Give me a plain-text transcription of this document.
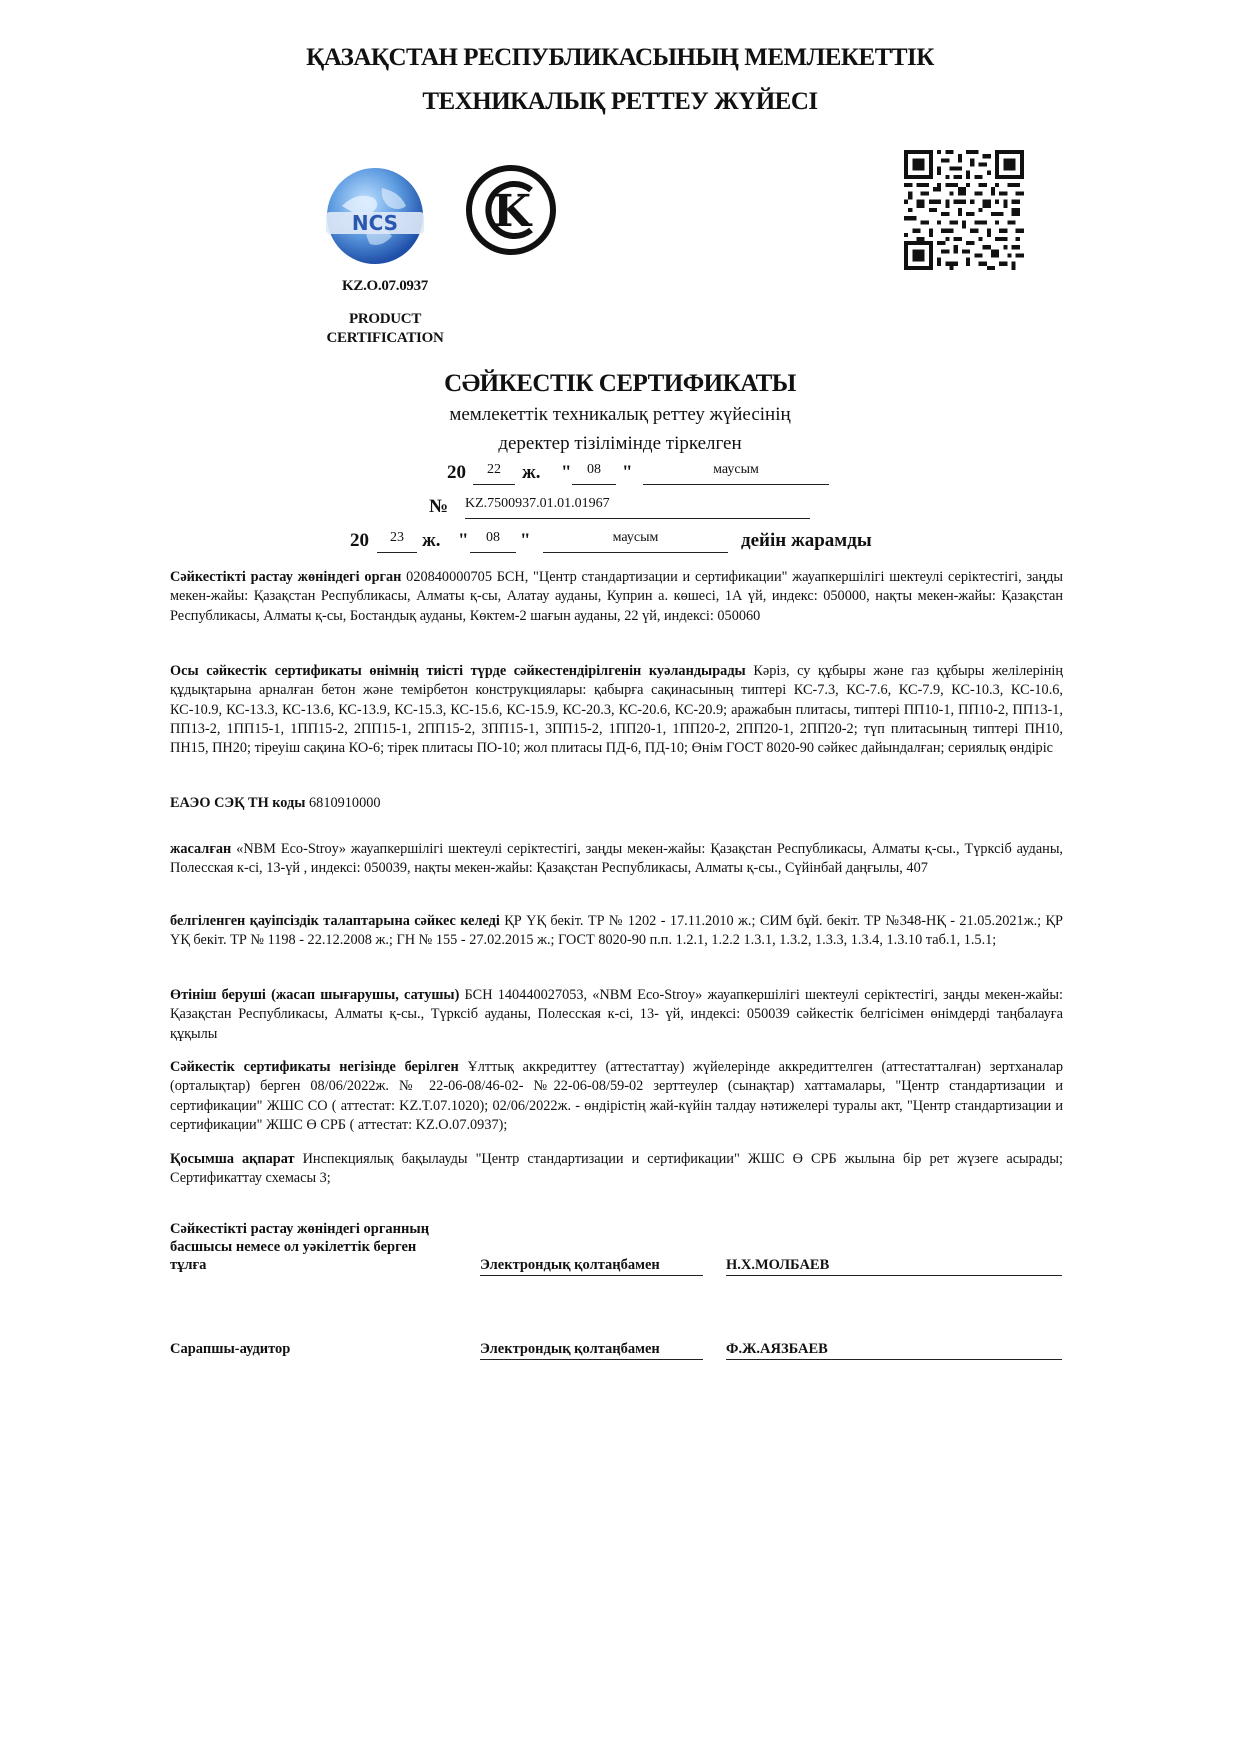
ҚАЗАҚСТАН РЕСПУБЛИКАСЫНЫҢ МЕМЛЕКЕТТІК
ТЕХНИКАЛЫҚ РЕТТЕУ ЖҮЙЕСІ
NCS K
KZ.O.07.0937
PRODUCT
CERTIFICATION
СӘЙКЕСТІК СЕРТИФИКАТЫ
мемлекеттік техникалық реттеу жүйесінің
деректер тізілімінде тіркелген
20	22	ж. "	08	"	маусым
№ KZ.7500937.01.01.01967
20	23 ж. "	08	"	маусым	дейін жарамды
Сәйкестікті растау жөніндегі орган 020840000705 БСН, "Центр стандартизации и сертификации" жауапкершілігі шектеулі серіктестігі, заңды мекен-жайы: Қазақстан Республикасы, Алматы қ-сы, Алатау ауданы, Куприн а. көшесі, 1А үй, индекс: 050000, нақты мекен-жайы: Қазақстан Республикасы, Алматы қ-сы, Бостандық ауданы, Көктем-2 шағын ауданы, 22 үй, индексі: 050060
Осы сәйкестік сертификаты өнімнің тиісті түрде сәйкестендірілгенін куәландырады Кәріз, су құбыры және газ құбыры желілерінің құдықтарына арналған бетон және темірбетон конструкциялары: қабырға сақинасының типтері КС-7.3, КС-7.6, КС-7.9, КС-10.3, КС-10.6, КС-10.9, КС-13.3, КС-13.6, КС-13.9, КС-15.3, КС-15.6, КС-15.9, КС-20.3, КС-20.6, КС-20.9; аражабын плитасы, типтері ПП10-1, ПП10-2, ПП13-1, ПП13-2, 1ПП15-1, 1ПП15-2, 2ПП15-1, 2ПП15-2, 3ПП15-1, 3ПП15-2, 1ПП20-1, 1ПП20-2, 2ПП20-1, 2ПП20-2; түп плитасының типтері ПН10, ПН15, ПН20; тіреуіш сақина КО-6; тірек плитасы ПО-10; жол плитасы ПД-6, ПД-10; Өнім ГОСТ 8020-90 сәйкес дайындалған; сериялық өндіріс
ЕАЭО СЭҚ ТН коды 6810910000
жасалған «NBM Eco-Stroy» жауапкершілігі шектеулі серіктестігі, заңды мекен-жайы: Қазақстан Республикасы, Алматы қ-сы., Түрксіб ауданы, Полесская к-сі, 13-үй , индексі: 050039, нақты мекен-жайы: Қазақстан Республикасы, Алматы қ-сы., Сүйінбай даңғылы, 407
белгіленген қауіпсіздік талаптарына сәйкес келеді ҚР ҮҚ бекіт. ТР № 1202 - 17.11.2010 ж.; СИМ бұй. бекіт. ТР №348-НҚ - 21.05.2021ж.; ҚР ҮҚ бекіт. ТР № 1198 - 22.12.2008 ж.; ГН № 155 - 27.02.2015 ж.; ГОСТ 8020-90 п.п. 1.2.1, 1.2.2 1.3.1, 1.3.2, 1.3.3, 1.3.4, 1.3.10 таб.1, 1.5.1;
Өтініш беруші (жасап шығарушы, сатушы) БСН 140440027053, «NBM Eco-Stroy» жауапкершілігі шектеулі серіктестігі, заңды мекен-жайы: Қазақстан Республикасы, Алматы қ-сы., Түрксіб ауданы, Полесская к-сі, 13- үй, индексі: 050039 сәйкестік белгісімен өнімдерді таңбалауға құқылы
Сәйкестік сертификаты негізінде берілген Ұлттық аккредиттеу (аттестаттау) жүйелерінде аккредиттелген (аттестатталған) зертханалар (орталықтар) берген 08/06/2022ж. № 22-06-08/46-02- №22-06-08/59-02 зерттеулер (сынақтар) хаттамалары, "Центр стандартизации и сертификации" ЖШС СО ( аттестат: KZ.T.07.1020); 02/06/2022ж. - өндірістің жай-күйін талдау нәтижелері туралы акт, "Центр стандартизации и сертификации" ЖШС Ө СРБ ( аттестат: KZ.O.07.0937);
Қосымша ақпарат Инспекциялық бақылауды "Центр стандартизации и сертификации" ЖШС Ө СРБ жылына бір рет жүзеге асырады; Сертификаттау схемасы 3;
Сәйкестікті растау жөніндегі органның
басшысы немесе ол уәкілеттік берген
тұлға	Электрондық қолтаңбамен	Н.Х.МОЛБАЕВ
Сарапшы-аудитор	Электрондық қолтаңбамен	Ф.Ж.АЯЗБАЕВ
